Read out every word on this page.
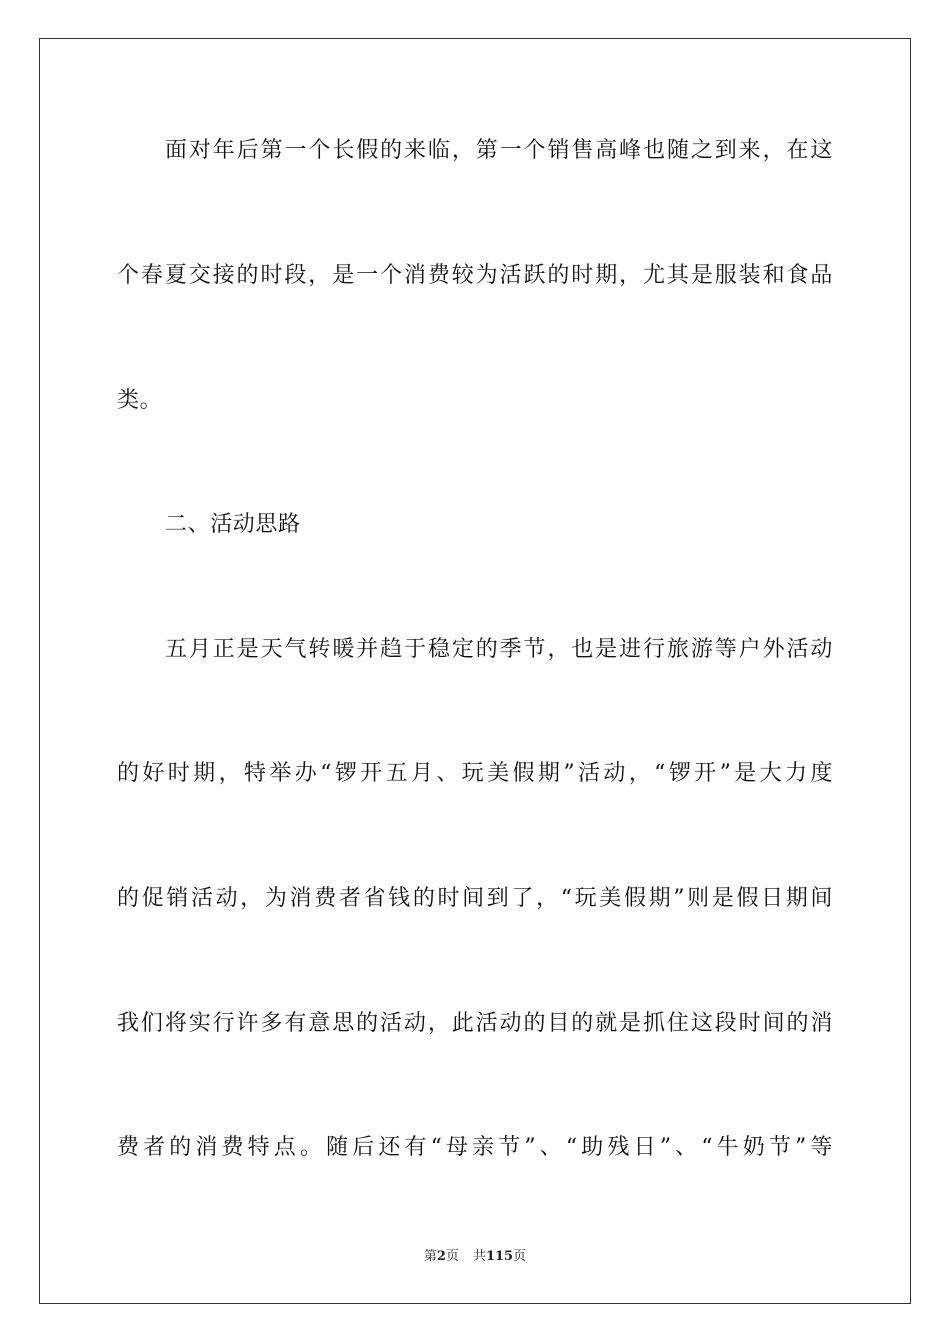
面对年后第一个长假的来临，第一个销售高峰也随之到来，在这
个春夏交接的时段，是一个消费较为活跃的时期，尤其是服装和食品
类。
二、活动思路
五月正是天气转暖并趋于稳定的季节，也是进行旅游等户外活动
的好时期，特举办“锣开五月、玩美假期”活动，“锣开”是大力度
的促销活动，为消费者省钱的时间到了，“玩美假期”则是假日期间
我们将实行许多有意思的活动，此活动的目的就是抓住这段时间的消
费者的消费特点。随后还有“母亲节”、“助残日”、“牛奶节”等
第2页 共115页
